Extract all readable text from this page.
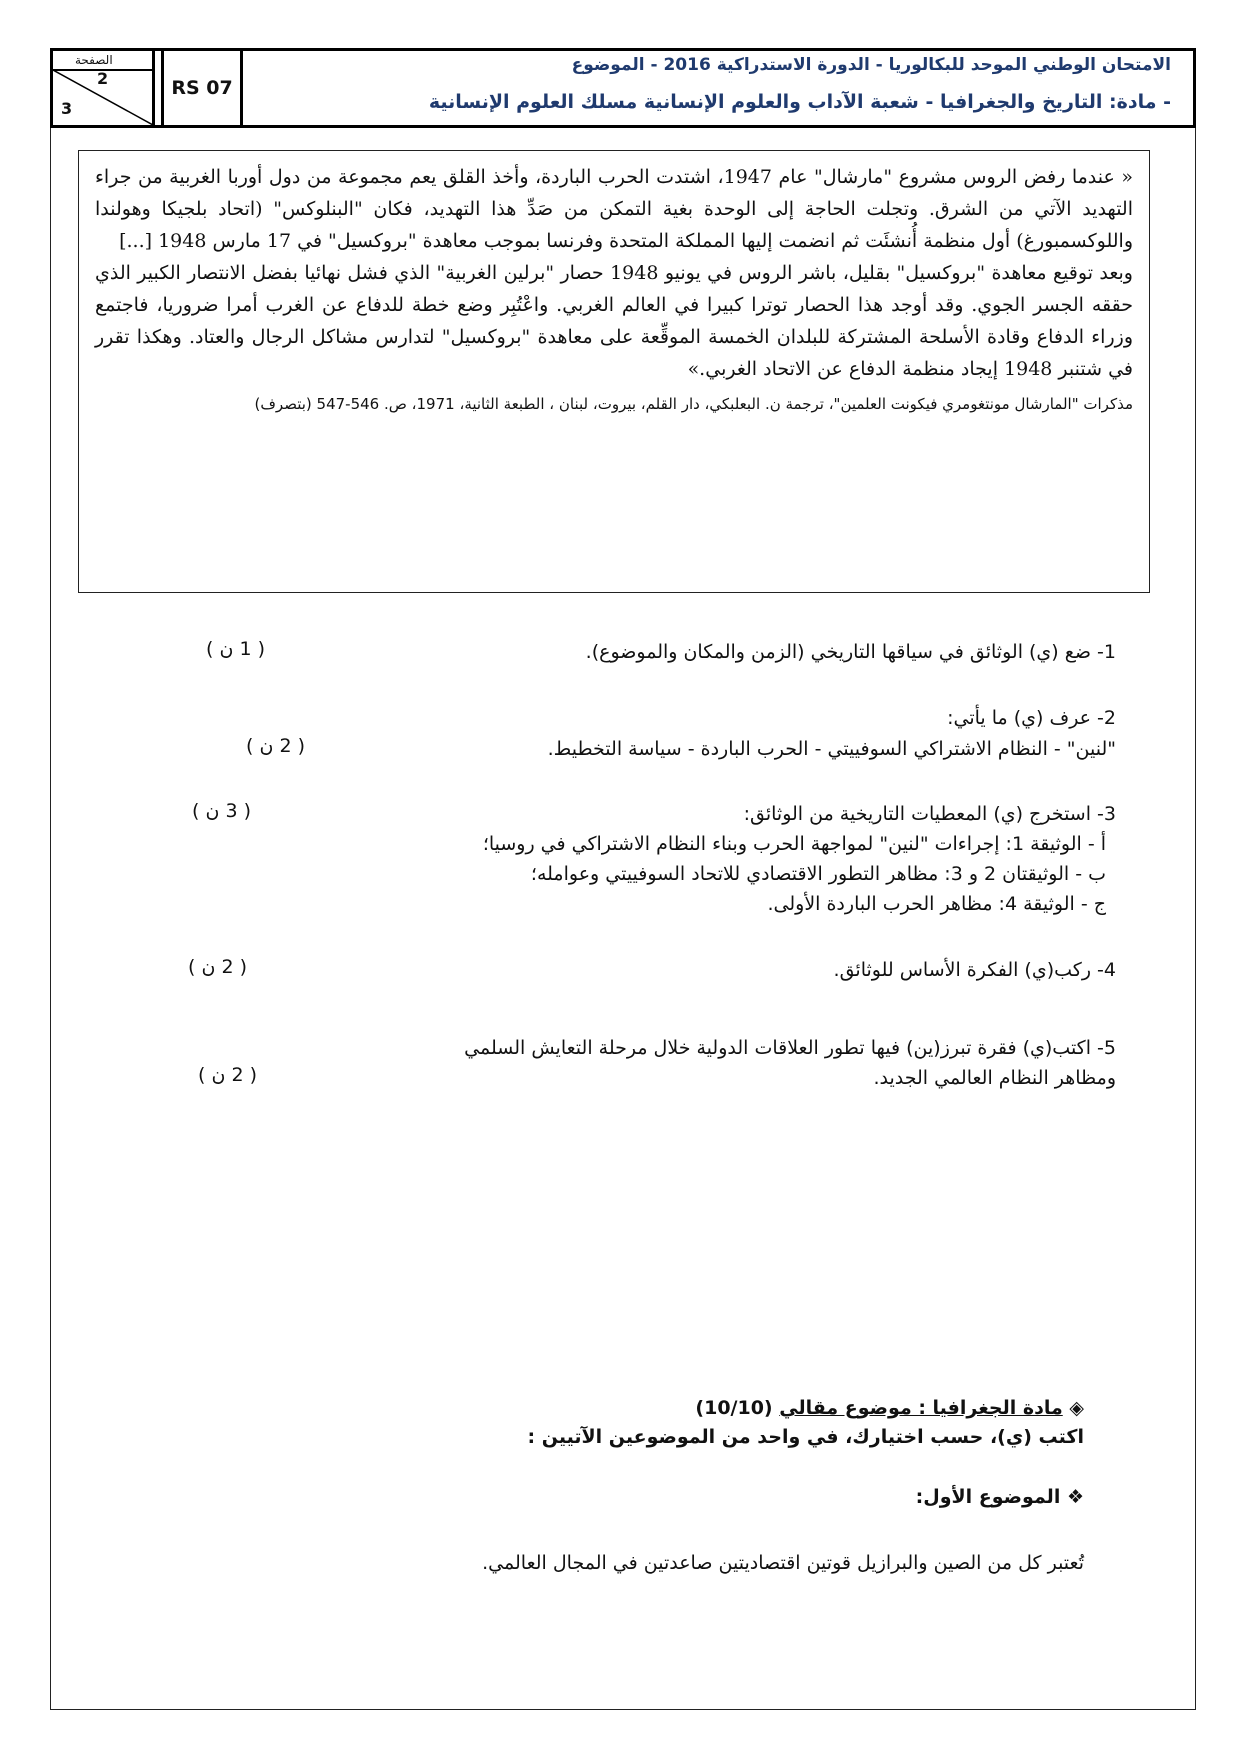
الصفحة
2
3
RS 07
الامتحان الوطني الموحد للبكالوريا - الدورة الاستدراكية 2016 - الموضوع
- مادة: التاريخ والجغرافيا - شعبة الآداب والعلوم الإنسانية مسلك العلوم الإنسانية
« عندما رفض الروس مشروع "مارشال" عام 1947، اشتدت الحرب الباردة، وأخذ القلق يعم مجموعة من دول أوربا الغربية من جراء التهديد الآتي من الشرق. وتجلت الحاجة إلى الوحدة بغية التمكن من صَدِّ هذا التهديد، فكان "البنلوكس" (اتحاد بلجيكا وهولندا واللوكسمبورغ) أول منظمة أُنشئَت ثم انضمت إليها المملكة المتحدة وفرنسا بموجب معاهدة "بروكسيل" في 17 مارس 1948 [...]
وبعد توقيع معاهدة "بروكسيل" بقليل، باشر الروس في يونيو 1948 حصار "برلين الغربية" الذي فشل نهائيا بفضل الانتصار الكبير الذي حققه الجسر الجوي. وقد أوجد هذا الحصار توترا كبيرا في العالم الغربي. واعْتُبِر وضع خطة للدفاع عن الغرب أمرا ضروريا، فاجتمع وزراء الدفاع وقادة الأسلحة المشتركة للبلدان الخمسة الموقِّعة على معاهدة "بروكسيل" لتدارس مشاكل الرجال والعتاد. وهكذا تقرر في شتنبر 1948 إيجاد منظمة الدفاع عن الاتحاد الغربي.»
مذكرات "المارشال مونتغومري فيكونت العلمين"، ترجمة ن. البعلبكي، دار القلم، بيروت، لبنان ، الطبعة الثانية، 1971، ص. 546-547 (بتصرف)
1- ضع (ي) الوثائق في سياقها التاريخي (الزمن والمكان والموضوع).
( 1 ن )
2- عرف (ي) ما يأتي:
"لنين" - النظام الاشتراكي السوفييتي - الحرب الباردة - سياسة التخطيط.
( 2 ن )
3- استخرج (ي) المعطيات التاريخية من الوثائق:
( 3 ن )
أ - الوثيقة 1: إجراءات "لنين" لمواجهة الحرب وبناء النظام الاشتراكي في روسيا؛
ب - الوثيقتان 2 و 3: مظاهر التطور الاقتصادي للاتحاد السوفييتي وعوامله؛
ج - الوثيقة 4: مظاهر الحرب الباردة الأولى.
4- ركب(ي) الفكرة الأساس للوثائق.
( 2 ن )
5- اكتب(ي) فقرة تبرز(ين) فيها تطور العلاقات الدولية خلال مرحلة التعايش السلمي
ومظاهر النظام العالمي الجديد.
( 2 ن )
◈ مادة الجغرافيا : موضوع مقالي (10/10)
اكتب (ي)، حسب اختيارك، في واحد من الموضوعين الآتيين :
❖ الموضوع الأول:
تُعتبر كل من الصين والبرازيل قوتين اقتصاديتين صاعدتين في المجال العالمي.
